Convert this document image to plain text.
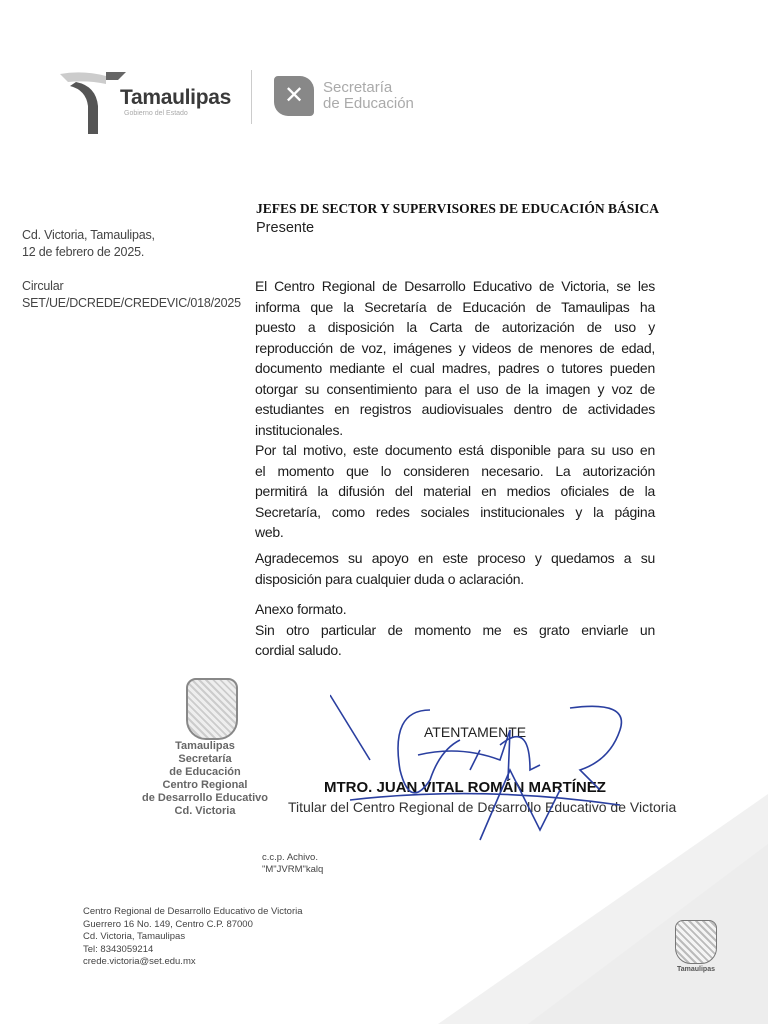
Tamaulipas
Gobierno del Estado
✕	Secretaría
de Educación
Cd. Victoria, Tamaulipas,
12 de febrero de 2025.
Circular
SET/UE/DCREDE/CREDEVIC/018/2025
JEFES DE SECTOR Y SUPERVISORES DE EDUCACIÓN BÁSICA
Presente
El Centro Regional de Desarrollo Educativo de Victoria, se les
informa que la Secretaría de Educación de Tamaulipas ha
puesto a disposición la Carta de autorización de uso y
reproducción de voz, imágenes y videos de menores de edad,
documento mediante el cual madres, padres o tutores pueden
otorgar su consentimiento para el uso de la imagen y voz de
estudiantes en registros audiovisuales dentro de actividades
institucionales.
Por tal motivo, este documento está disponible para su uso en
el momento que lo consideren necesario. La autorización
permitirá la difusión del material en medios oficiales de la
Secretaría, como redes sociales institucionales y la página
web.
Agradecemos su apoyo en este proceso y quedamos a su
disposición para cualquier duda o aclaración.
Anexo formato.
Sin otro particular de momento me es grato enviarle un
cordial saludo.
Tamaulipas
Secretaría
de Educación
Centro Regional
de Desarrollo Educativo
Cd. Victoria
ATENTAMENTE
MTRO. JUAN VITAL ROMÁN MARTÍNEZ
Titular del Centro Regional de Desarrollo Educativo de Victoria
c.c.p. Achivo.
"M"JVRM"kalq
Centro Regional de Desarrollo Educativo de Victoria
Guerrero 16 No. 149, Centro C.P. 87000
Cd. Victoria, Tamaulipas
Tel: 8343059214
crede.victoria@set.edu.mx
Tamaulipas
